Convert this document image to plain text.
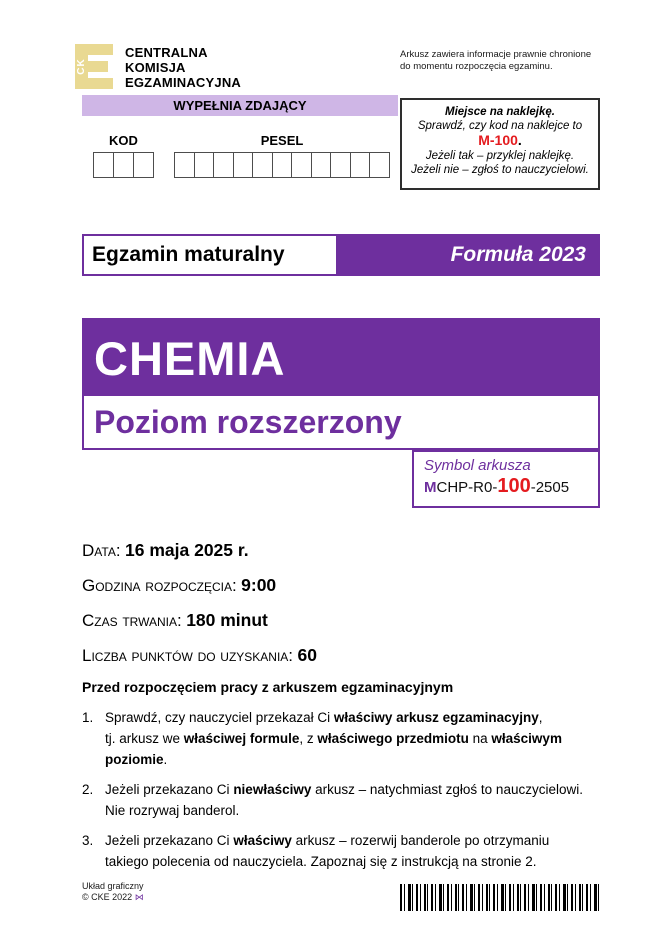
CK
CENTRALNA
KOMISJA
EGZAMINACYJNA
Arkusz zawiera informacje prawnie chronione
do momentu rozpoczęcia egzaminu.
WYPEŁNIA ZDAJĄCY
KOD	PESEL
Miejsce na naklejkę.
Sprawdź, czy kod na naklejce to
M-100.
Jeżeli tak – przyklej naklejkę.
Jeżeli nie – zgłoś to nauczycielowi.
Egzamin maturalny	Formuła 2023
CHEMIA
Poziom rozszerzony
Symbol arkusza
MCHP-R0-100-2505
Data: 16 maja 2025 r.
Godzina rozpoczęcia: 9:00
Czas trwania: 180 minut
Liczba punktów do uzyskania: 60
Przed rozpoczęciem pracy z arkuszem egzaminacyjnym
1. Sprawdź, czy nauczyciel przekazał Ci właściwy arkusz egzaminacyjny,
tj. arkusz we właściwej formule, z właściwego przedmiotu na właściwym
poziomie.
2. Jeżeli przekazano Ci niewłaściwy arkusz – natychmiast zgłoś to nauczycielowi.
Nie rozrywaj banderol.
3. Jeżeli przekazano Ci właściwy arkusz – rozerwij banderole po otrzymaniu
takiego polecenia od nauczyciela. Zapoznaj się z instrukcją na stronie 2.
Układ graficzny
© CKE 2022 ⋈
